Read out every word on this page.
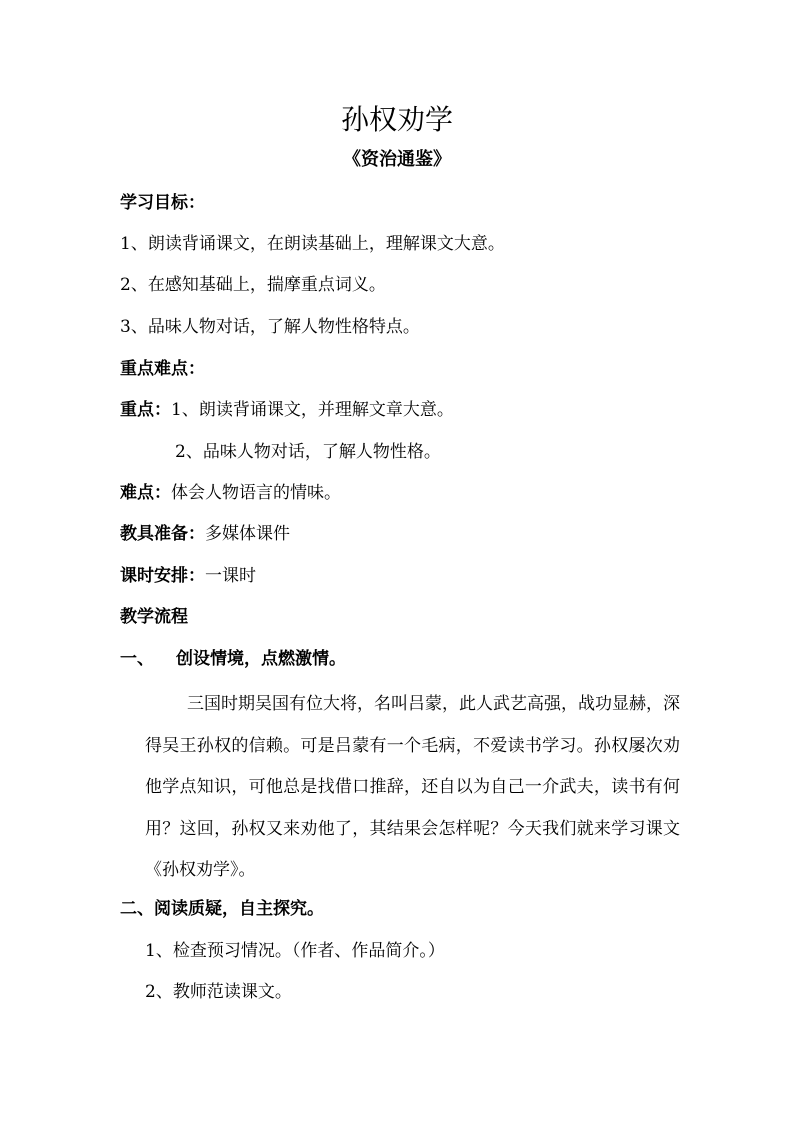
孙权劝学
《资治通鉴》
学习目标：
1、朗读背诵课文，在朗读基础上，理解课文大意。
2、在感知基础上，揣摩重点词义。
3、品味人物对话，了解人物性格特点。
重点难点：
重点：1、朗读背诵课文，并理解文章大意。
2、品味人物对话，了解人物性格。
难点：体会人物语言的情味。
教具准备：多媒体课件
课时安排：一课时
教学流程
一、 创设情境，点燃激情。
三国时期吴国有位大将，名叫吕蒙，此人武艺高强，战功显赫，深得吴王孙权的信赖。可是吕蒙有一个毛病，不爱读书学习。孙权屡次劝他学点知识，可他总是找借口推辞，还自以为自己一介武夫，读书有何用？这回，孙权又来劝他了，其结果会怎样呢？今天我们就来学习课文《孙权劝学》。
二、阅读质疑，自主探究。
1、检查预习情况。（作者、作品简介。）
2、教师范读课文。
